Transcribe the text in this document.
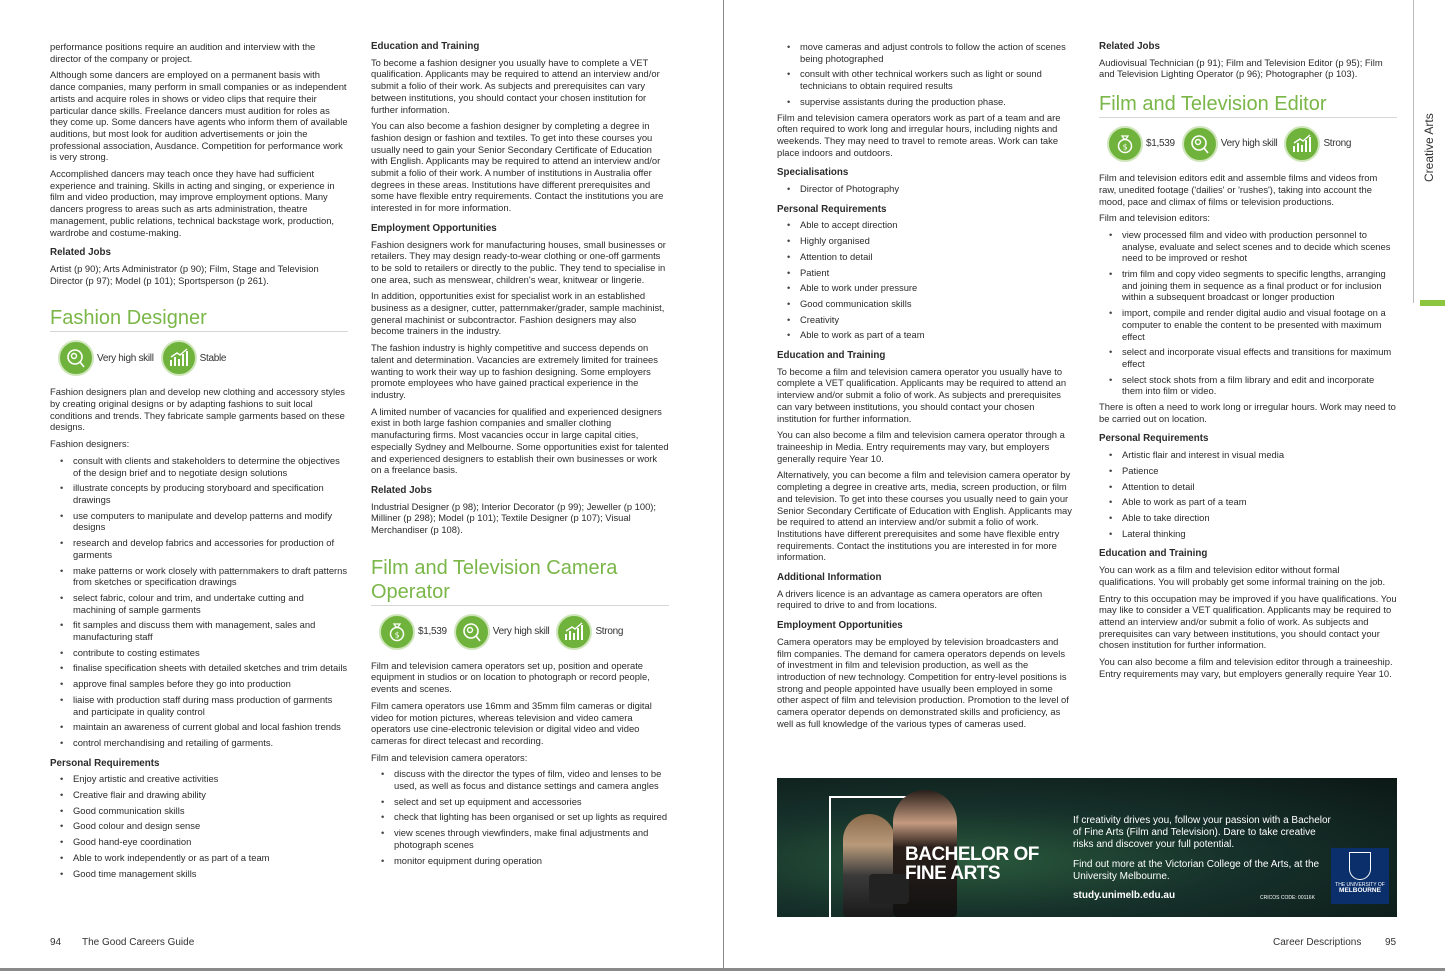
performance positions require an audition and interview with the director of the company or project.

Although some dancers are employed on a permanent basis with dance companies, many perform in small companies or as independent artists and acquire roles in shows or video clips that require their particular dance skills. Freelance dancers must audition for roles as they come up. Some dancers have agents who inform them of available auditions, but most look for audition advertisements or join the professional association, Ausdance. Competition for performance work is very strong.

Accomplished dancers may teach once they have had sufficient experience and training. Skills in acting and singing, or experience in film and video production, may improve employment options. Many dancers progress to areas such as arts administration, theatre management, public relations, technical backstage work, production, wardrobe and costume-making.

Related Jobs

Artist (p 90); Arts Administrator (p 90); Film, Stage and Television Director (p 97); Model (p 101); Sportsperson (p 261).

Fashion Designer
Very high skill	Stable

Fashion designers plan and develop new clothing and accessory styles by creating original designs or by adapting fashions to suit local conditions and trends. They fabricate sample garments based on these designs.

Fashion designers:

• consult with clients and stakeholders to determine the objectives of the design brief and to negotiate design solutions
• illustrate concepts by producing storyboard and specification drawings
• use computers to manipulate and develop patterns and modify designs
• research and develop fabrics and accessories for production of garments
• make patterns or work closely with patternmakers to draft patterns from sketches or specification drawings
• select fabric, colour and trim, and undertake cutting and machining of sample garments
• fit samples and discuss them with management, sales and manufacturing staff
• contribute to costing estimates
• finalise specification sheets with detailed sketches and trim details
• approve final samples before they go into production
• liaise with production staff during mass production of garments and participate in quality control
• maintain an awareness of current global and local fashion trends
• control merchandising and retailing of garments.
Personal Requirements
• Enjoy artistic and creative activities
• Creative flair and drawing ability
• Good communication skills
• Good colour and design sense
• Good hand-eye coordination
• Able to work independently or as part of a team
• Good time management skills
Education and Training

To become a fashion designer you usually have to complete a VET qualification. Applicants may be required to attend an interview and/or submit a folio of their work. As subjects and prerequisites can vary between institutions, you should contact your chosen institution for further information.

You can also become a fashion designer by completing a degree in fashion design or fashion and textiles. To get into these courses you usually need to gain your Senior Secondary Certificate of Education with English. Applicants may be required to attend an interview and/or submit a folio of their work. A number of institutions in Australia offer degrees in these areas. Institutions have different prerequisites and some have flexible entry requirements. Contact the institutions you are interested in for more information.

Employment Opportunities

Fashion designers work for manufacturing houses, small businesses or retailers. They may design ready-to-wear clothing or one-off garments to be sold to retailers or directly to the public. They tend to specialise in one area, such as menswear, children's wear, knitwear or lingerie.

In addition, opportunities exist for specialist work in an established business as a designer, cutter, patternmaker/grader, sample machinist, general machinist or subcontractor. Fashion designers may also become trainers in the industry.

The fashion industry is highly competitive and success depends on talent and determination. Vacancies are extremely limited for trainees wanting to work their way up to fashion designing. Some employers promote employees who have gained practical experience in the industry.

A limited number of vacancies for qualified and experienced designers exist in both large fashion companies and smaller clothing manufacturing firms. Most vacancies occur in large capital cities, especially Sydney and Melbourne. Some opportunities exist for talented and experienced designers to establish their own businesses or work on a freelance basis.

Related Jobs

Industrial Designer (p 98); Interior Decorator (p 99); Jeweller (p 100); Milliner (p 298); Model (p 101); Textile Designer (p 107); Visual Merchandiser (p 108).

Film and Television Camera Operator
$ $1,539	Very high skill	Strong

Film and television camera operators set up, position and operate equipment in studios or on location to photograph or record people, events and scenes.

Film camera operators use 16mm and 35mm film cameras or digital video for motion pictures, whereas television and video camera operators use cine-electronic television or digital video and video cameras for direct telecast and recording.

Film and television camera operators:

• discuss with the director the types of film, video and lenses to be used, as well as focus and distance settings and camera angles
• select and set up equipment and accessories
• check that lighting has been organised or set up lights as required
• view scenes through viewfinders, make final adjustments and photograph scenes
• monitor equipment during operation
94 The Good Careers Guide
• move cameras and adjust controls to follow the action of scenes being photographed
• consult with other technical workers such as light or sound technicians to obtain required results
• supervise assistants during the production phase.

Film and television camera operators work as part of a team and are often required to work long and irregular hours, including nights and weekends. They may need to travel to remote areas. Work can take place indoors and outdoors.

Specialisations
• Director of Photography
Personal Requirements
• Able to accept direction
• Highly organised
• Attention to detail
• Patient
• Able to work under pressure
• Good communication skills
• Creativity
• Able to work as part of a team
Education and Training

To become a film and television camera operator you usually have to complete a VET qualification. Applicants may be required to attend an interview and/or submit a folio of work. As subjects and prerequisites can vary between institutions, you should contact your chosen institution for further information.

You can also become a film and television camera operator through a traineeship in Media. Entry requirements may vary, but employers generally require Year 10.

Alternatively, you can become a film and television camera operator by completing a degree in creative arts, media, screen production, or film and television. To get into these courses you usually need to gain your Senior Secondary Certificate of Education with English. Applicants may be required to attend an interview and/or submit a folio of work. Institutions have different prerequisites and some have flexible entry requirements. Contact the institutions you are interested in for more information.

Additional Information

A drivers licence is an advantage as camera operators are often required to drive to and from locations.

Employment Opportunities

Camera operators may be employed by television broadcasters and film companies. The demand for camera operators depends on levels of investment in film and television production, as well as the introduction of new technology. Competition for entry-level positions is strong and people appointed have usually been employed in some other aspect of film and television production. Promotion to the level of camera operator depends on demonstrated skills and proficiency, as well as full knowledge of the various types of cameras used.

Related Jobs

Audiovisual Technician (p 91); Film and Television Editor (p 95); Film and Television Lighting Operator (p 96); Photographer (p 103).

Film and Television Editor
$ $1,539	Very high skill	Strong

Film and television editors edit and assemble films and videos from raw, unedited footage ('dailies' or 'rushes'), taking into account the mood, pace and climax of films or television productions.

Film and television editors:

• view processed film and video with production personnel to analyse, evaluate and select scenes and to decide which scenes need to be improved or reshot
• trim film and copy video segments to specific lengths, arranging and joining them in sequence as a final product or for inclusion within a subsequent broadcast or longer production
• import, compile and render digital audio and visual footage on a computer to enable the content to be presented with maximum effect
• select and incorporate visual effects and transitions for maximum effect
• select stock shots from a film library and edit and incorporate them into film or video.

There is often a need to work long or irregular hours. Work may need to be carried out on location.

Personal Requirements
• Artistic flair and interest in visual media
• Patience
• Attention to detail
• Able to work as part of a team
• Able to take direction
• Lateral thinking
Education and Training

You can work as a film and television editor without formal qualifications. You will probably get some informal training on the job.

Entry to this occupation may be improved if you have qualifications. You may like to consider a VET qualification. Applicants may be required to attend an interview and/or submit a folio of work. As subjects and prerequisites can vary between institutions, you should contact your chosen institution for further information.

You can also become a film and television editor through a traineeship. Entry requirements may vary, but employers generally require Year 10.

Creative Arts
BACHELOR OF
FINE ARTS

If creativity drives you, follow your passion with a Bachelor of Fine Arts (Film and Television). Dare to take creative risks and discover your full potential.

Find out more at the Victorian College of the Arts, at the University Melbourne.

study.unimelb.edu.au	CRICOS CODE: 00116K
THE UNIVERSITY OF
MELBOURNE
Career Descriptions 95
